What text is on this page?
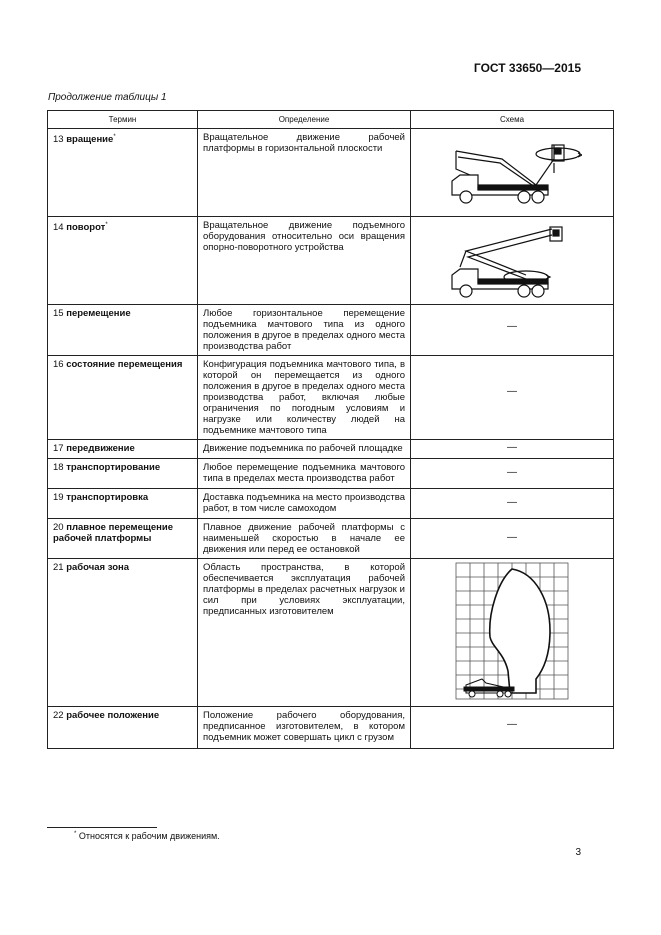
ГОСТ 33650—2015
Продолжение таблицы 1
Термин	Определение	Схема
13 вращение*	Вращательное движение рабочей платформы в горизонтальной плоскости	

14 поворот*	Вращательное движение подъемного оборудования относительно оси вращения опорно-поворотного устройства	

15 перемещение	Любое горизонтальное перемещение подъемника мачтового типа из одного положения в другое в пределах одного места производства работ	—

16 состояние перемещения	Конфигурация подъемника мачтового типа, в которой он перемещается из одного положения в другое в пределах одного места производства работ, включая любые ограничения по погодным условиям и нагрузке или количеству людей на подъемнике мачтового типа	—

17 передвижение	Движение подъемника по рабочей площадке	—

18 транспортирование	Любое перемещение подъемника мачтового типа в пределах места производства работ	—

19 транспортировка	Доставка подъемника на место производства работ, в том числе самоходом	—

20 плавное перемещение рабочей платформы	Плавное движение рабочей платформы с наименьшей скоростью в начале ее движения или перед ее остановкой	—

21 рабочая зона	Область пространства, в которой обеспечивается эксплуатация рабочей платформы в пределах расчетных нагрузок и сил при условиях эксплуатации, предписанных изготовителем	

22 рабочее положение	Положение рабочего оборудования, предписанное изготовителем, в котором подъемник может совершать цикл с грузом	—
* Относятся к рабочим движениям.
3
